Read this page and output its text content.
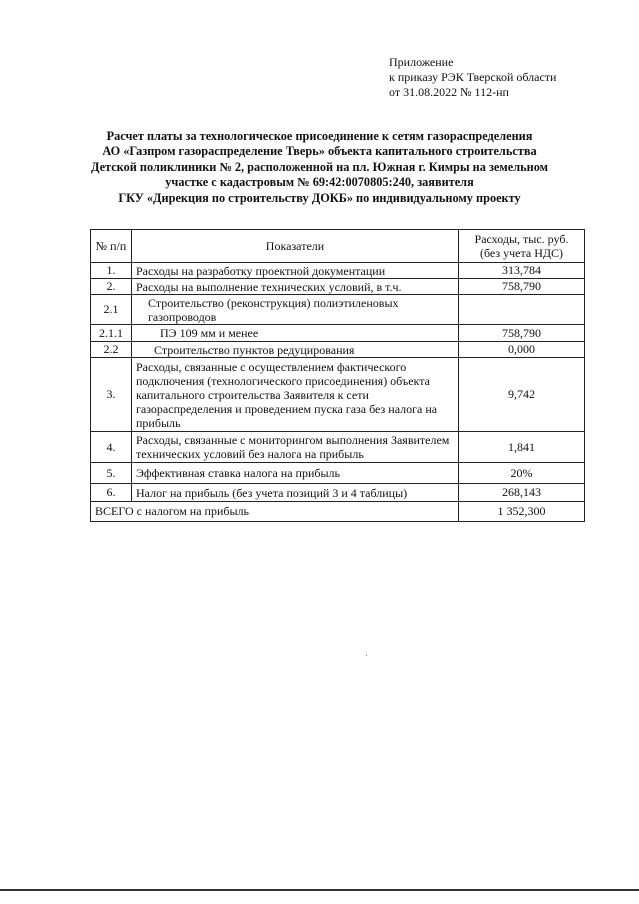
Приложение
к приказу РЭК Тверской области
от 31.08.2022 № 112-нп
Расчет платы за технологическое присоединение к сетям газораспределения
АО «Газпром газораспределение Тверь» объекта капитального строительства
Детской поликлиники № 2, расположенной на пл. Южная г. Кимры на земельном
участке с кадастровым № 69:42:0070805:240, заявителя
ГКУ «Дирекция по строительству ДОКБ» по индивидуальному проекту
№ п/п	Показатели	Расходы, тыс. руб. (без учета НДС)
1.	Расходы на разработку проектной документации	313,784
2.	Расходы на выполнение технических условий, в т.ч.	758,790
2.1	Строительство (реконструкция) полиэтиленовых газопроводов	
2.1.1	ПЭ 109 мм и менее	758,790
2.2	Строительство пунктов редуцирования	0,000
3.	Расходы, связанные с осуществлением фактического подключения (технологического присоединения) объекта капитального строительства Заявителя к сети газораспределения и проведением пуска газа без налога на прибыль	9,742
4.	Расходы, связанные с мониторингом выполнения Заявителем технических условий без налога на прибыль	1,841
5.	Эффективная ставка налога на прибыль	20%
6.	Налог на прибыль (без учета позиций 3 и 4 таблицы)	268,143
ВСЕГО с налогом на прибыль		1 352,300
